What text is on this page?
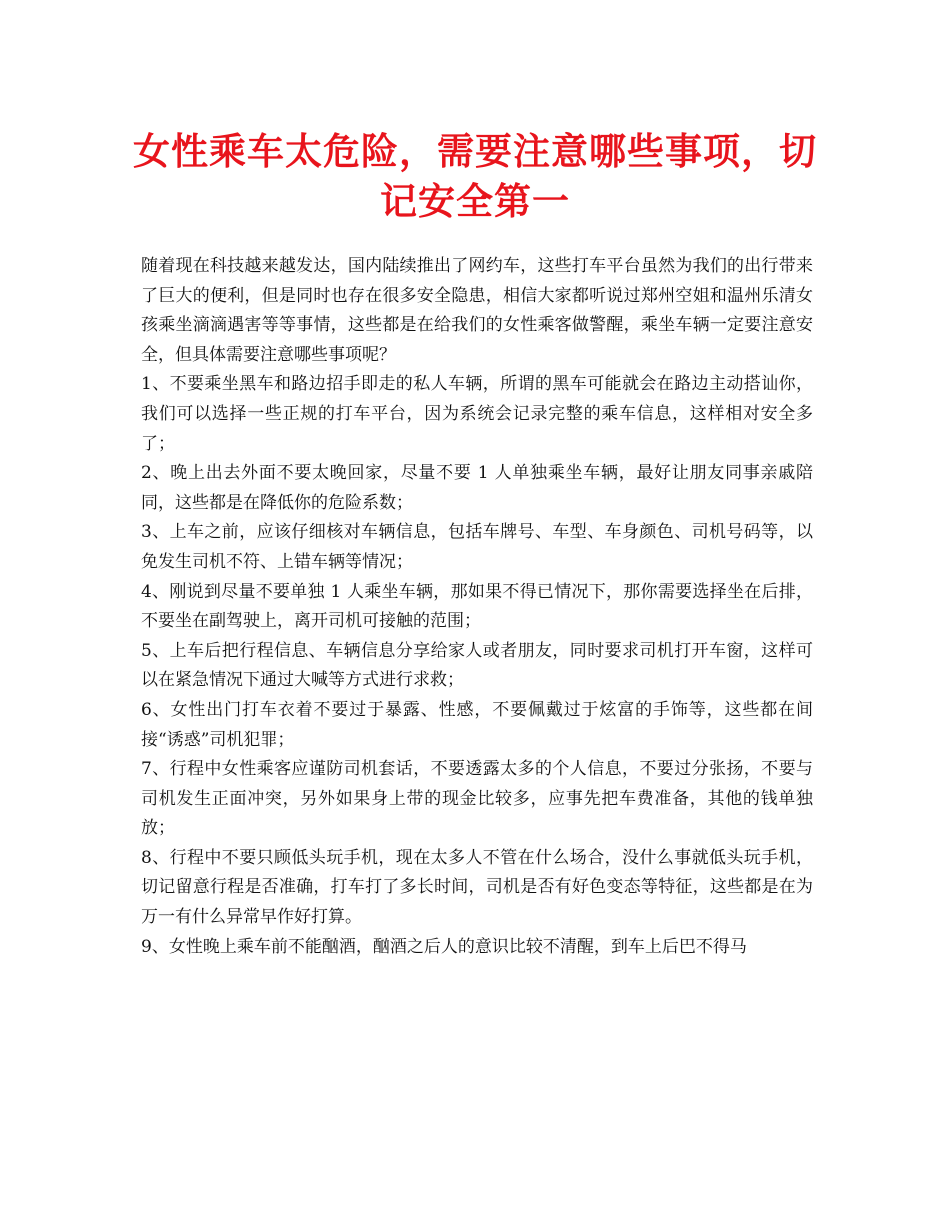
女性乘车太危险，需要注意哪些事项，切记安全第一

随着现在科技越来越发达，国内陆续推出了网约车，这些打车平台虽然为我们的出行带来了巨大的便利，但是同时也存在很多安全隐患，相信大家都听说过郑州空姐和温州乐清女孩乘坐滴滴遇害等等事情，这些都是在给我们的女性乘客做警醒，乘坐车辆一定要注意安全，但具体需要注意哪些事项呢？

1、不要乘坐黑车和路边招手即走的私人车辆，所谓的黑车可能就会在路边主动搭讪你，我们可以选择一些正规的打车平台，因为系统会记录完整的乘车信息，这样相对安全多了；

2、晚上出去外面不要太晚回家，尽量不要 1 人单独乘坐车辆，最好让朋友同事亲戚陪同，这些都是在降低你的危险系数；

3、上车之前，应该仔细核对车辆信息，包括车牌号、车型、车身颜色、司机号码等，以免发生司机不符、上错车辆等情况；

4、刚说到尽量不要单独 1 人乘坐车辆，那如果不得已情况下，那你需要选择坐在后排，不要坐在副驾驶上，离开司机可接触的范围；

5、上车后把行程信息、车辆信息分享给家人或者朋友，同时要求司机打开车窗，这样可以在紧急情况下通过大喊等方式进行求救；

6、女性出门打车衣着不要过于暴露、性感，不要佩戴过于炫富的手饰等，这些都在间接“诱惑”司机犯罪；

7、行程中女性乘客应谨防司机套话，不要透露太多的个人信息，不要过分张扬，不要与司机发生正面冲突，另外如果身上带的现金比较多，应事先把车费准备，其他的钱单独放；

8、行程中不要只顾低头玩手机，现在太多人不管在什么场合，没什么事就低头玩手机，切记留意行程是否准确，打车打了多长时间，司机是否有好色变态等特征，这些都是在为万一有什么异常早作好打算。

9、女性晚上乘车前不能酗酒，酗酒之后人的意识比较不清醒，到车上后巴不得马
